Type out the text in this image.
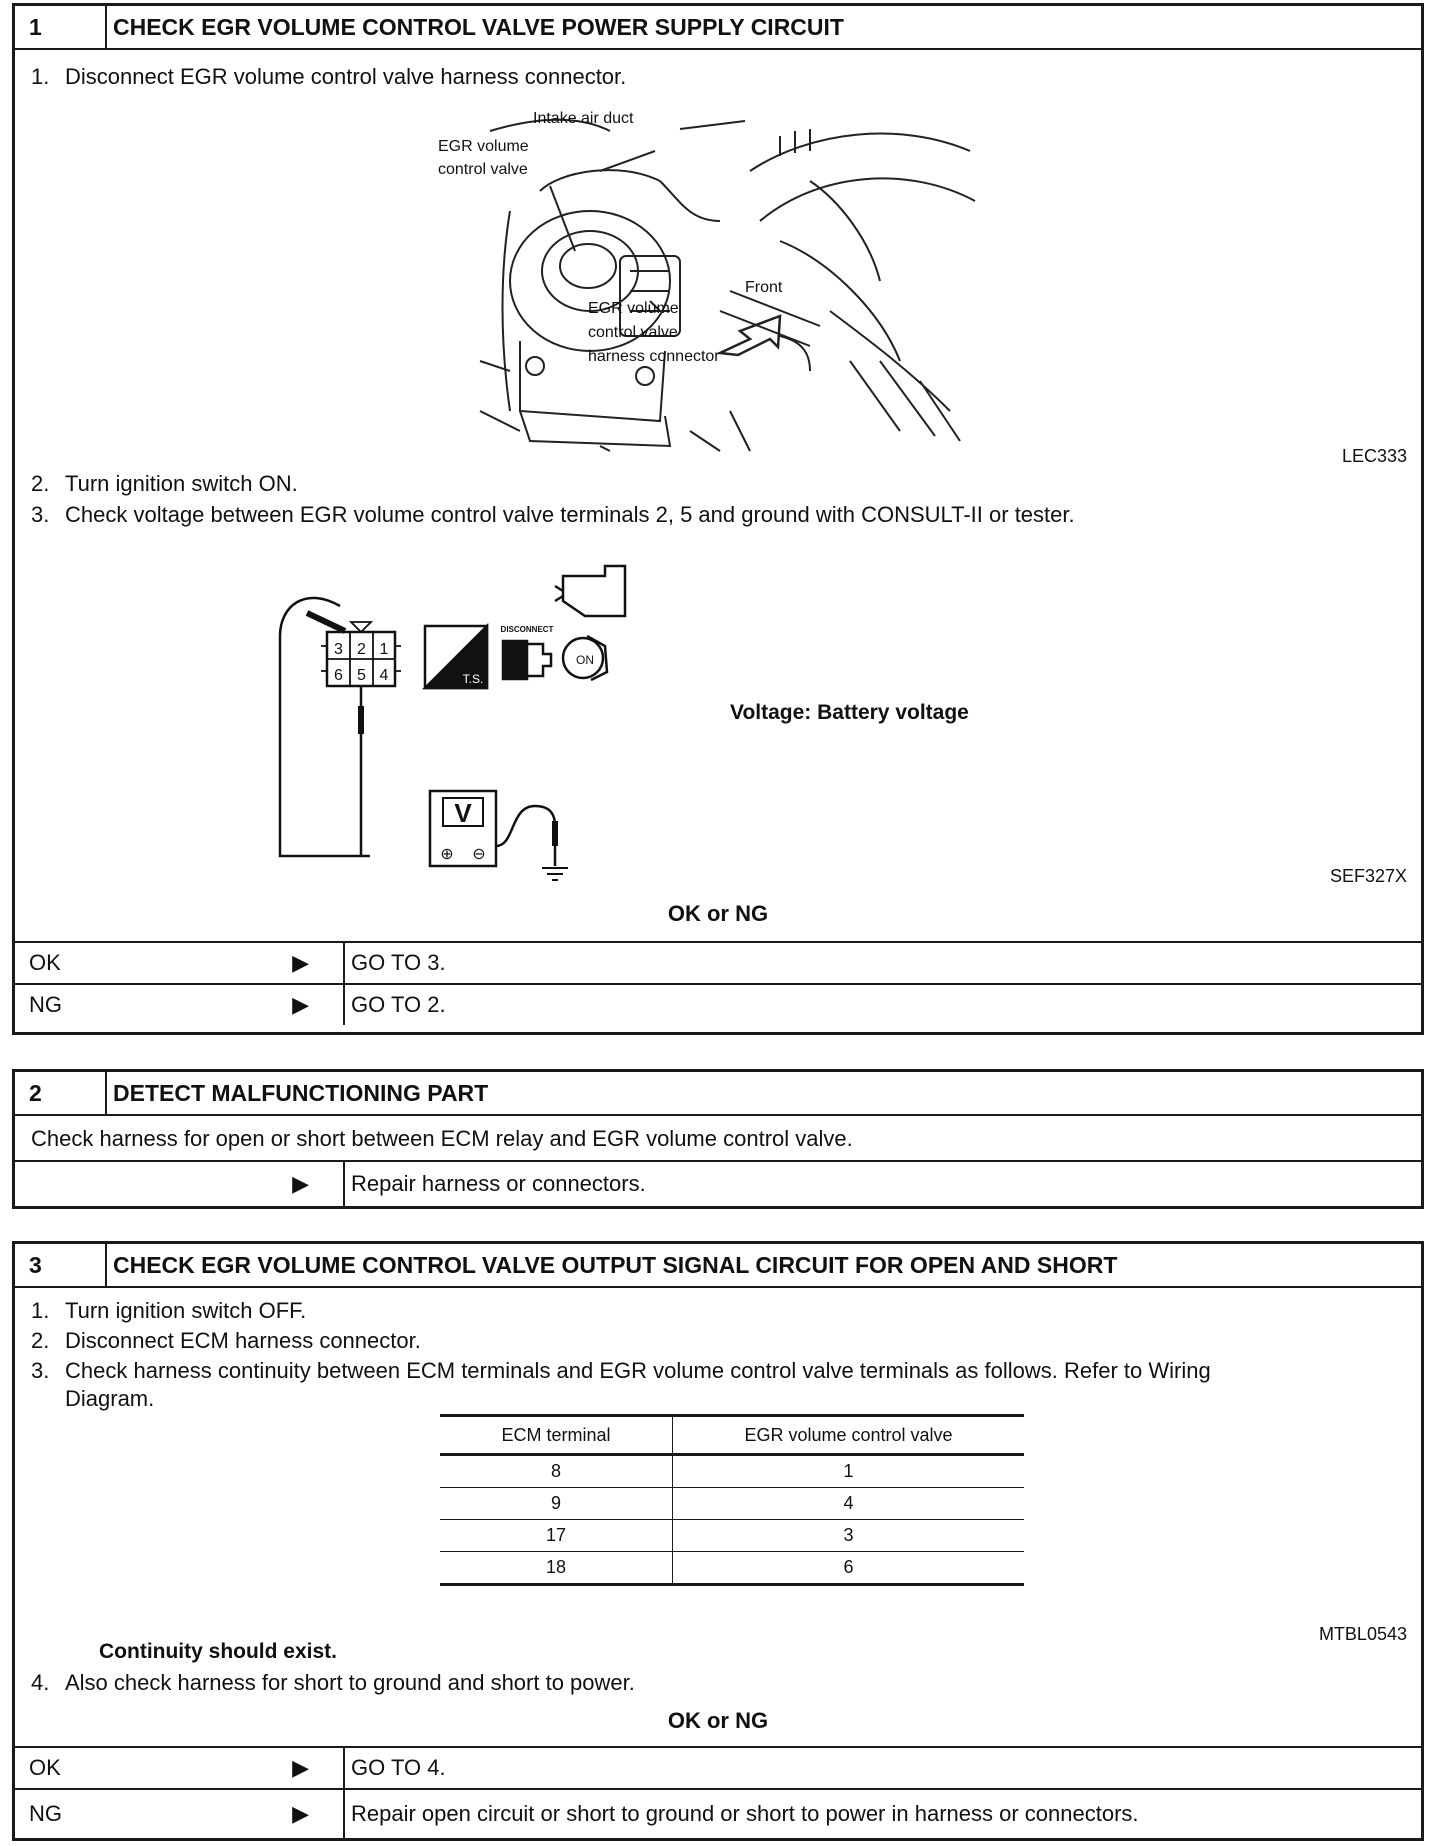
1	CHECK EGR VOLUME CONTROL VALVE POWER SUPPLY CIRCUIT
1. Disconnect EGR volume control valve harness connector.
Intake air duct
EGR volume
control valve
Front
EGR volume
control valve
harness connector
LEC333
2. Turn ignition switch ON.
3. Check voltage between EGR volume control valve terminals 2, 5 and ground with CONSULT-II or tester.
3 2 1
6 5 4
V
⊕ ⊖
T.S.
DISCONNECT
ON
Voltage: Battery voltage
SEF327X
OK or NG
OK	▶ GO TO 3.
NG	▶ GO TO 2.
2	DETECT MALFUNCTIONING PART
Check harness for open or short between ECM relay and EGR volume control valve.
▶ Repair harness or connectors.
3	CHECK EGR VOLUME CONTROL VALVE OUTPUT SIGNAL CIRCUIT FOR OPEN AND SHORT
1. Turn ignition switch OFF.
2. Disconnect ECM harness connector.
3. Check harness continuity between ECM terminals and EGR volume control valve terminals as follows. Refer to Wiring
Diagram.
ECM terminal	EGR volume control valve
8	1
9	4
17	3
18	6
MTBL0543
Continuity should exist.
4. Also check harness for short to ground and short to power.
OK or NG
OK	▶ GO TO 4.
NG	▶ Repair open circuit or short to ground or short to power in harness or connectors.
